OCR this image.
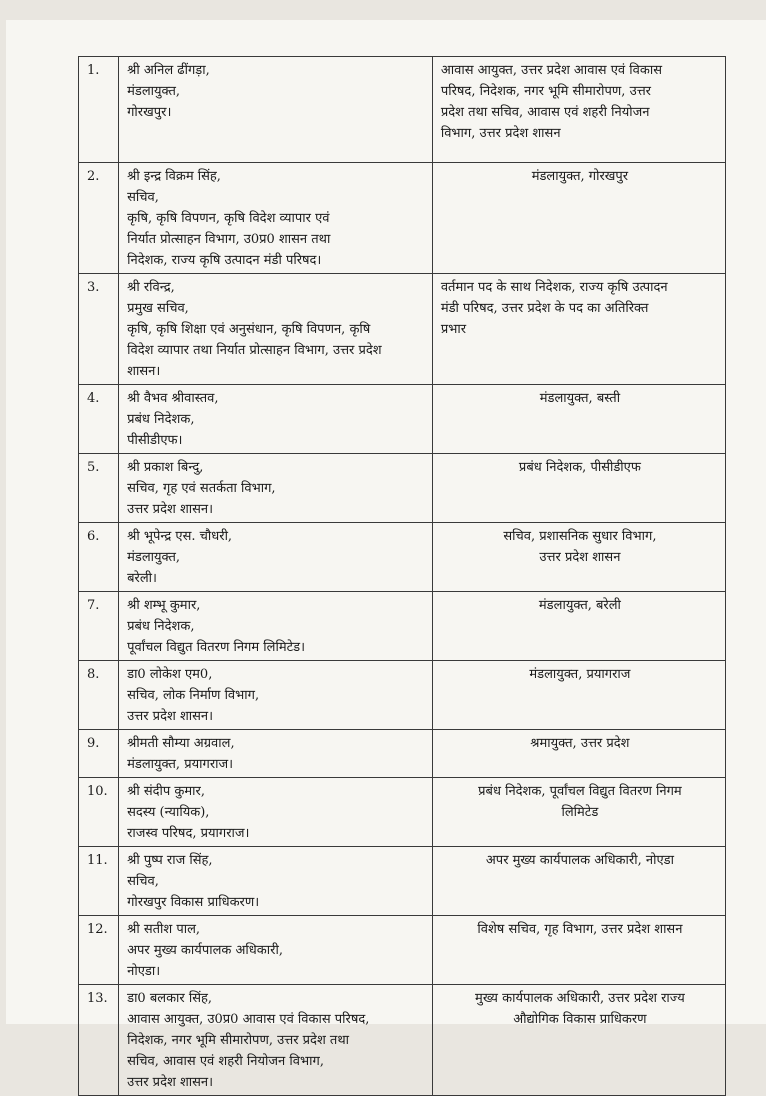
1.	श्री अनिल ढींगड़ा,
मंडलायुक्त,
गोरखपुर।	आवास आयुक्त, उत्तर प्रदेश आवास एवं विकास
परिषद, निदेशक, नगर भूमि सीमारोपण, उत्तर
प्रदेश तथा सचिव, आवास एवं शहरी नियोजन
विभाग, उत्तर प्रदेश शासन

2.	श्री इन्द्र विक्रम सिंह,
सचिव,
कृषि, कृषि विपणन, कृषि विदेश व्यापार एवं
निर्यात प्रोत्साहन विभाग, उ0प्र0 शासन तथा
निदेशक, राज्य कृषि उत्पादन मंडी परिषद।	मंडलायुक्त, गोरखपुर

3.	श्री रविन्द्र,
प्रमुख सचिव,
कृषि, कृषि शिक्षा एवं अनुसंधान, कृषि विपणन, कृषि
विदेश व्यापार तथा निर्यात प्रोत्साहन विभाग, उत्तर प्रदेश
शासन।	वर्तमान पद के साथ निदेशक, राज्य कृषि उत्पादन
मंडी परिषद, उत्तर प्रदेश के पद का अतिरिक्त
प्रभार

4.	श्री वैभव श्रीवास्तव,
प्रबंध निदेशक,
पीसीडीएफ।	मंडलायुक्त, बस्ती

5.	श्री प्रकाश बिन्दु,
सचिव, गृह एवं सतर्कता विभाग,
उत्तर प्रदेश शासन।	प्रबंध निदेशक, पीसीडीएफ

6.	श्री भूपेन्द्र एस. चौधरी,
मंडलायुक्त,
बरेली।	सचिव, प्रशासनिक सुधार विभाग,
उत्तर प्रदेश शासन

7.	श्री शम्भू कुमार,
प्रबंध निदेशक,
पूर्वांचल विद्युत वितरण निगम लिमिटेड।	मंडलायुक्त, बरेली

8.	डा0 लोकेश एम0,
सचिव, लोक निर्माण विभाग,
उत्तर प्रदेश शासन।	मंडलायुक्त, प्रयागराज

9.	श्रीमती सौम्या अग्रवाल,
मंडलायुक्त, प्रयागराज।	श्रमायुक्त, उत्तर प्रदेश

10.	श्री संदीप कुमार,
सदस्य (न्यायिक),
राजस्व परिषद, प्रयागराज।	प्रबंध निदेशक, पूर्वांचल विद्युत वितरण निगम
लिमिटेड

11.	श्री पुष्प राज सिंह,
सचिव,
गोरखपुर विकास प्राधिकरण।	अपर मुख्य कार्यपालक अधिकारी, नोएडा

12.	श्री सतीश पाल,
अपर मुख्य कार्यपालक अधिकारी,
नोएडा।	विशेष सचिव, गृह विभाग, उत्तर प्रदेश शासन

13.	डा0 बलकार सिंह,
आवास आयुक्त, उ0प्र0 आवास एवं विकास परिषद,
निदेशक, नगर भूमि सीमारोपण, उत्तर प्रदेश तथा
सचिव, आवास एवं शहरी नियोजन विभाग,
उत्तर प्रदेश शासन।	मुख्य कार्यपालक अधिकारी, उत्तर प्रदेश राज्य
औद्योगिक विकास प्राधिकरण
